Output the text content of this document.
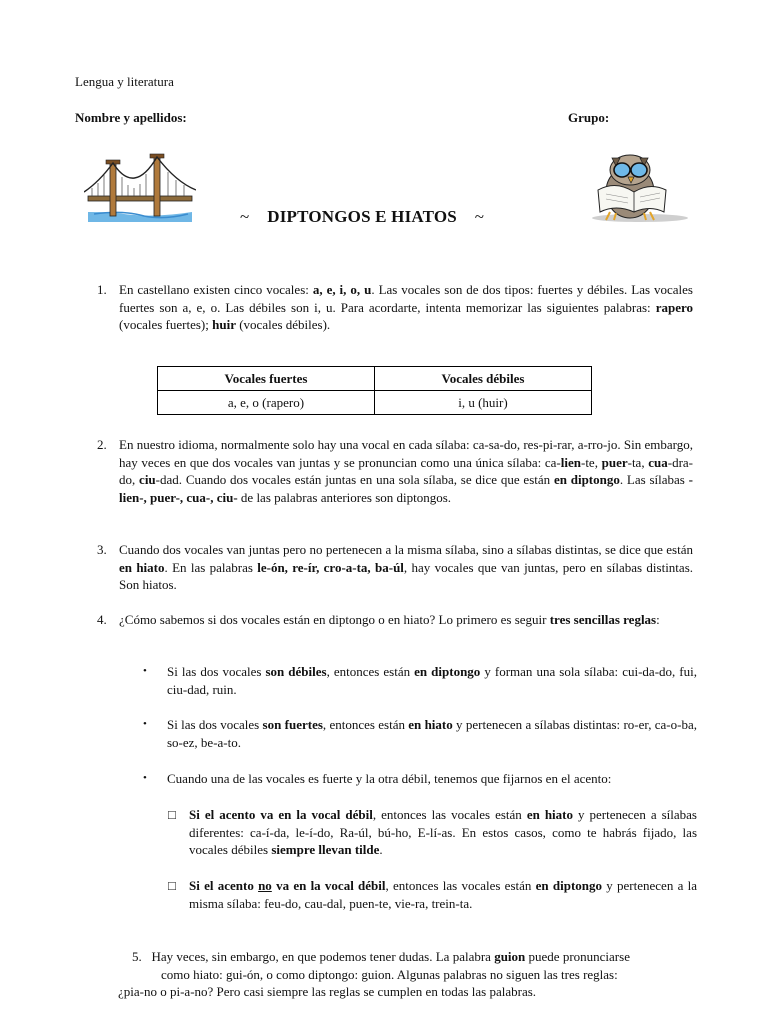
Lengua y literatura
Nombre y apellidos:	Grupo:
~ DIPTONGOS E HIATOS ~
1. En castellano existen cinco vocales: a, e, i, o, u. Las vocales son de dos tipos: fuertes y débiles. Las vocales fuertes son a, e, o. Las débiles son i, u. Para acordarte, intenta memorizar las siguientes palabras: rapero (vocales fuertes); huir (vocales débiles).
Vocales fuertes	Vocales débiles
a, e, o (rapero)	i, u (huir)
2. En nuestro idioma, normalmente solo hay una vocal en cada sílaba: ca-sa-do, res-pi-rar, a-rro-jo. Sin embargo, hay veces en que dos vocales van juntas y se pronuncian como una única sílaba: ca-lien-te, puer-ta, cua-dra-do, ciu-dad. Cuando dos vocales están juntas en una sola sílaba, se dice que están en diptongo. Las sílabas -lien-, puer-, cua-, ciu- de las palabras anteriores son diptongos.
3. Cuando dos vocales van juntas pero no pertenecen a la misma sílaba, sino a sílabas distintas, se dice que están en hiato. En las palabras le-ón, re-ír, cro-a-ta, ba-úl, hay vocales que van juntas, pero en sílabas distintas. Son hiatos.
4. ¿Cómo sabemos si dos vocales están en diptongo o en hiato? Lo primero es seguir tres sencillas reglas:
• Si las dos vocales son débiles, entonces están en diptongo y forman una sola sílaba: cui-da-do, fui, ciu-dad, ruin.
• Si las dos vocales son fuertes, entonces están en hiato y pertenecen a sílabas distintas: ro-er, ca-o-ba, so-ez, be-a-to.
• Cuando una de las vocales es fuerte y la otra débil, tenemos que fijarnos en el acento:
□ Si el acento va en la vocal débil, entonces las vocales están en hiato y pertenecen a sílabas diferentes: ca-í-da, le-í-do, Ra-úl, bú-ho, E-lí-as. En estos casos, como te habrás fijado, las vocales débiles siempre llevan tilde.
□ Si el acento no va en la vocal débil, entonces las vocales están en diptongo y pertenecen a la misma sílaba: feu-do, cau-dal, puen-te, vie-ra, trein-ta.
5. Hay veces, sin embargo, en que podemos tener dudas. La palabra guion puede pronunciarse
como hiato: gui-ón, o como diptongo: guion. Algunas palabras no siguen las tres reglas:
¿pia-no o pi-a-no? Pero casi siempre las reglas se cumplen en todas las palabras.
